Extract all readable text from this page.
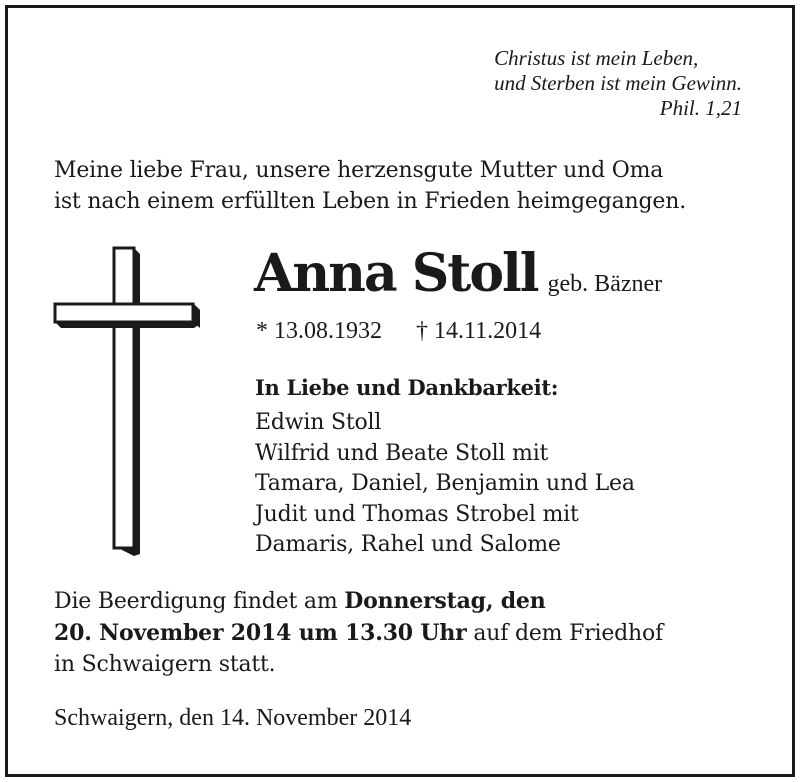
Christus ist mein Leben,
und Sterben ist mein Gewinn.
Phil. 1,21
Meine liebe Frau, unsere herzensgute Mutter und Oma
ist nach einem erfüllten Leben in Frieden heimgegangen.
Anna Stoll geb. Bäzner
* 13.08.1932 † 14.11.2014
In Liebe und Dankbarkeit:
Edwin Stoll
Wilfrid und Beate Stoll mit
Tamara, Daniel, Benjamin und Lea
Judit und Thomas Strobel mit
Damaris, Rahel und Salome
Die Beerdigung findet am Donnerstag, den
20. November 2014 um 13.30 Uhr auf dem Friedhof
in Schwaigern statt.
Schwaigern, den 14. November 2014
